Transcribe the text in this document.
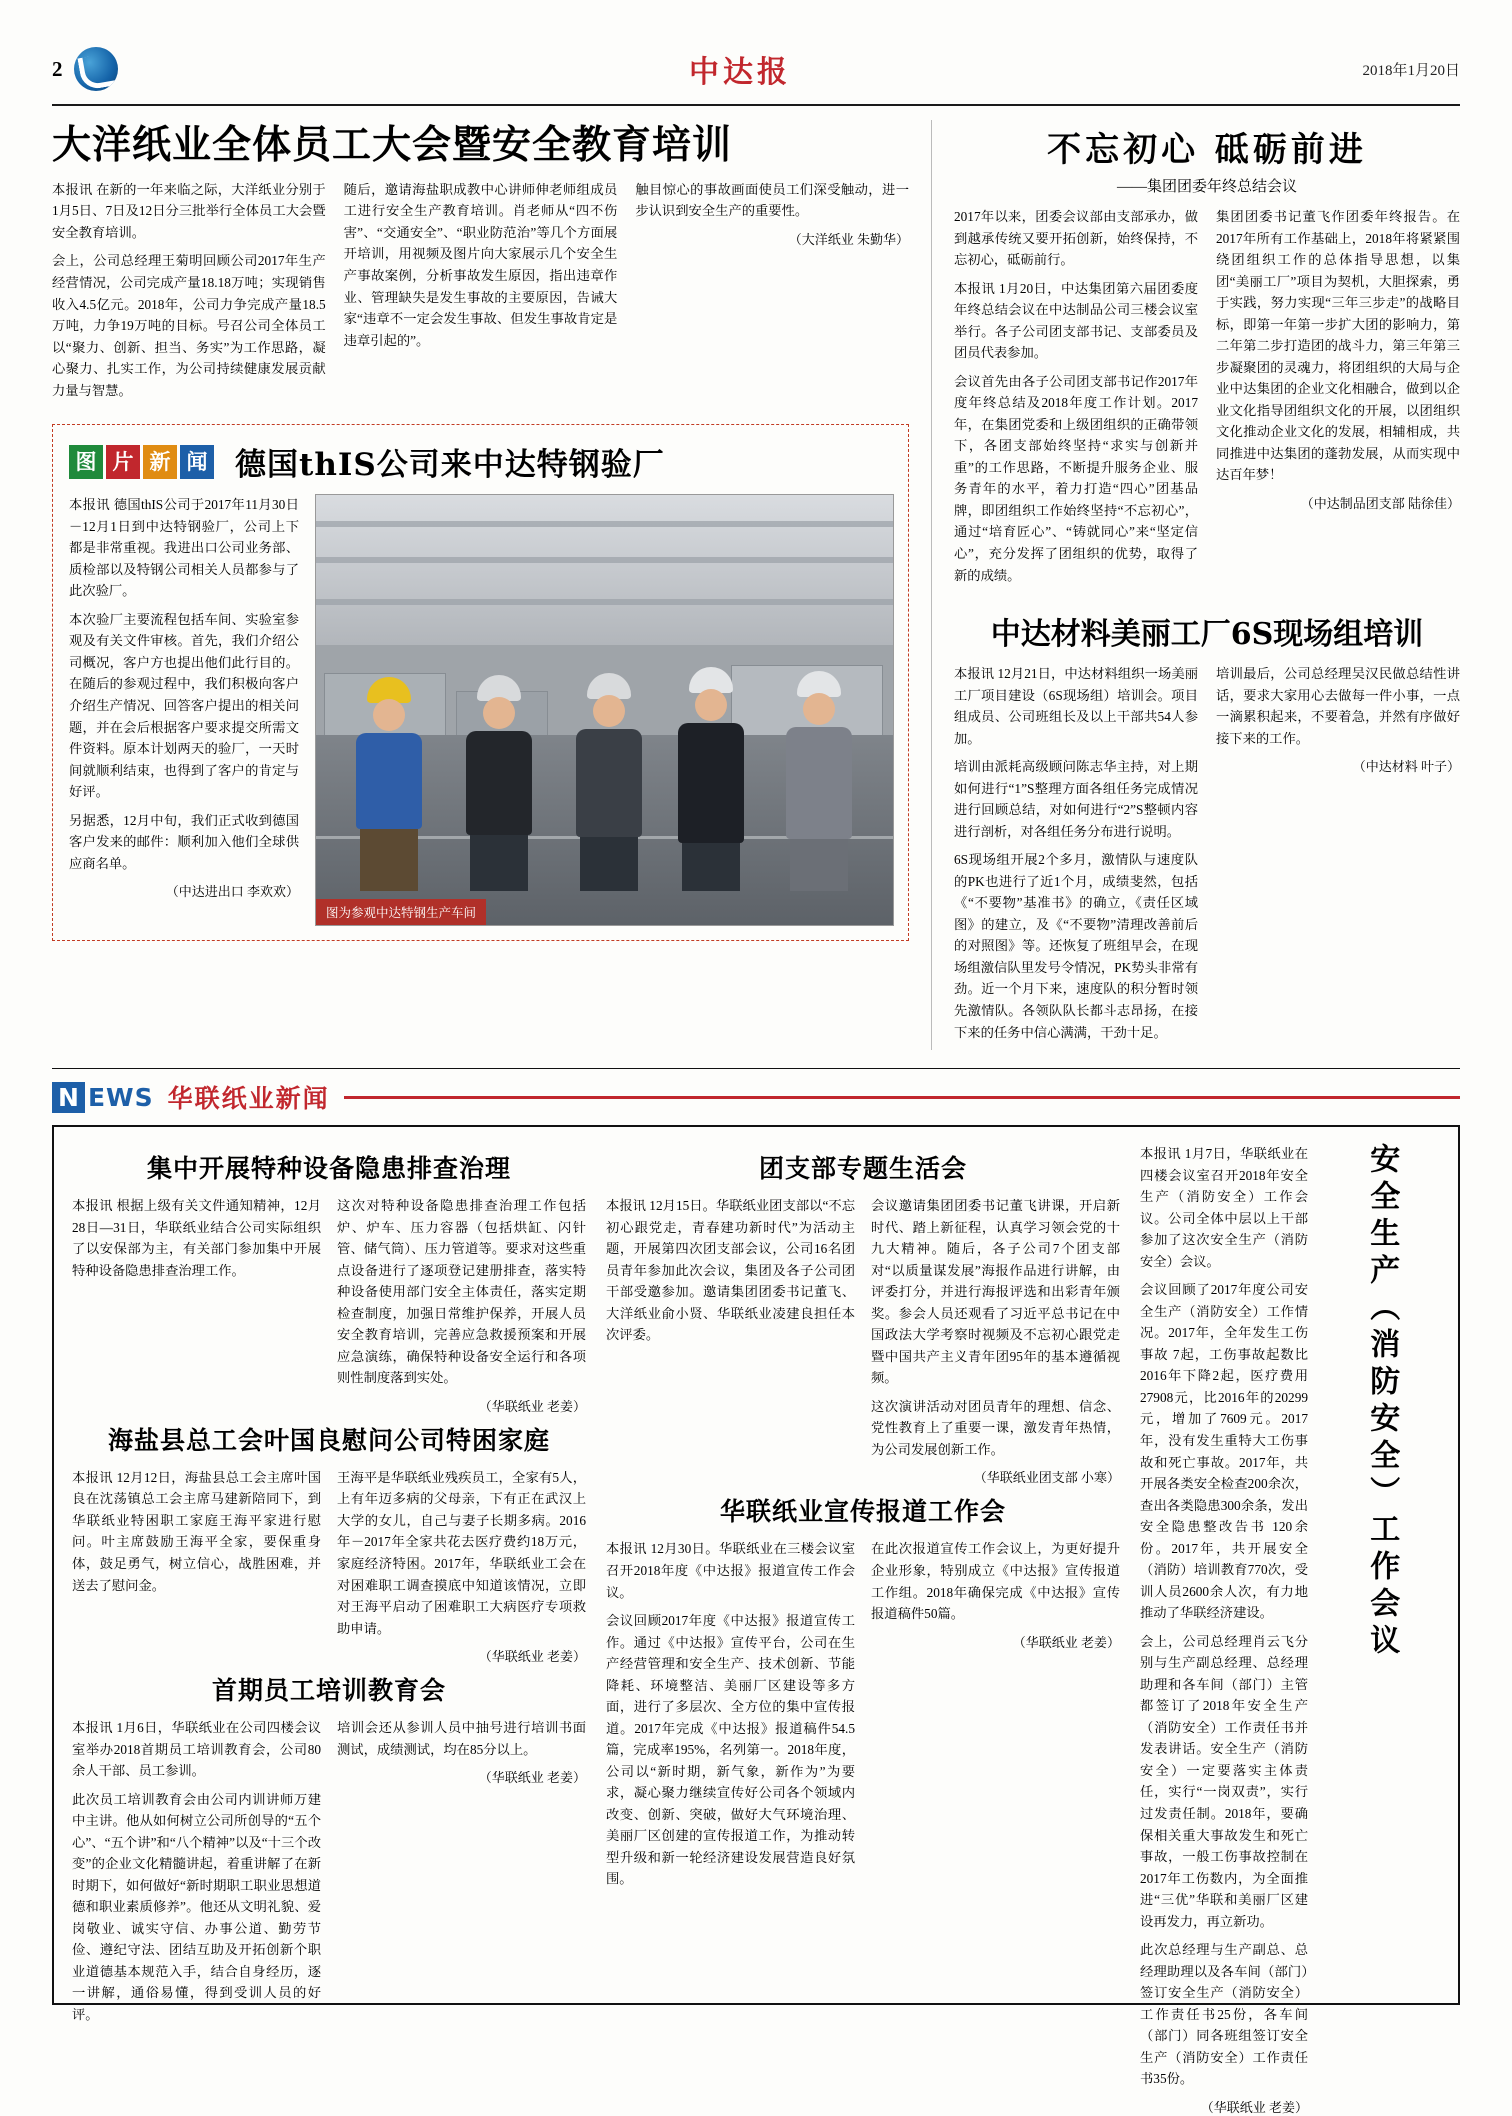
2	中达报	2018年1月20日
大洋纸业全体员工大会暨安全教育培训

本报讯 在新的一年来临之际，大洋纸业分别于1月5日、7日及12日分三批举行全体员工大会暨安全教育培训。

会上，公司总经理王菊明回顾公司2017年生产经营情况，公司完成产量18.18万吨；实现销售收入4.5亿元。2018年，公司力争完成产量18.5万吨，力争19万吨的目标。号召公司全体员工以“聚力、创新、担当、务实”为工作思路，凝心聚力、扎实工作，为公司持续健康发展贡献力量与智慧。

随后，邀请海盐职成教中心讲师伸老师组成员工进行安全生产教育培训。肖老师从“四不伤害”、“交通安全”、“职业防范治”等几个方面展开培训，用视频及图片向大家展示几个安全生产事故案例，分析事故发生原因，指出违章作业、管理缺失是发生事故的主要原因，告诫大家“违章不一定会发生事故、但发生事故肯定是违章引起的”。

触目惊心的事故画面使员工们深受触动，进一步认识到安全生产的重要性。

（大洋纸业 朱勤华）
图 片 新 闻 德国thIS公司来中达特钢验厂

本报讯 德国thIS公司于2017年11月30日－12月1日到中达特钢验厂，公司上下都是非常重视。我进出口公司业务部、质检部以及特钢公司相关人员都参与了此次验厂。

本次验厂主要流程包括车间、实验室参观及有关文件审核。首先，我们介绍公司概况，客户方也提出他们此行目的。在随后的参观过程中，我们积极向客户介绍生产情况、回答客户提出的相关问题，并在会后根据客户要求提交所需文件资料。原本计划两天的验厂，一天时间就顺利结束，也得到了客户的肯定与好评。

另据悉，12月中旬，我们正式收到德国客户发来的邮件：顺利加入他们全球供应商名单。

（中达进出口 李欢欢）
图为参观中达特钢生产车间
不忘初心 砥砺前进
——集团团委年终总结会议

2017年以来，团委会议部由支部承办，做到越承传统又要开拓创新，始终保持，不忘初心，砥砺前行。

本报讯 1月20日，中达集团第六届团委度年终总结会议在中达制品公司三楼会议室举行。各子公司团支部书记、支部委员及团员代表参加。

会议首先由各子公司团支部书记作2017年度年终总结及2018年度工作计划。2017年，在集团党委和上级团组织的正确带领下，各团支部始终坚持“求实与创新并重”的工作思路，不断提升服务企业、服务青年的水平，着力打造“四心”团基品牌，即团组织工作始终坚持“不忘初心”，通过“培育匠心”、“铸就同心”来“坚定信心”，充分发挥了团组织的优势，取得了新的成绩。

集团团委书记董飞作团委年终报告。在2017年所有工作基础上，2018年将紧紧围绕团组织工作的总体指导思想，以集团“美丽工厂”项目为契机，大胆探索，勇于实践，努力实现“三年三步走”的战略目标，即第一年第一步扩大团的影响力，第二年第二步打造团的战斗力，第三年第三步凝聚团的灵魂力，将团组织的大局与企业中达集团的企业文化相融合，做到以企业文化指导团组织文化的开展，以团组织文化推动企业文化的发展，相辅相成，共同推进中达集团的蓬勃发展，从而实现中达百年梦！

（中达制品团支部 陆徐佳）
中达材料美丽工厂6S现场组培训

本报讯 12月21日，中达材料组织一场美丽工厂项目建设（6S现场组）培训会。项目组成员、公司班组长及以上干部共54人参加。

培训由派耗高级顾问陈志华主持，对上期如何进行“1”S整理方面各组任务完成情况进行回顾总结，对如何进行“2”S整顿内容进行剖析，对各组任务分布进行说明。

6S现场组开展2个多月，激情队与速度队的PK也进行了近1个月，成绩斐然，包括《“不要物”基准书》的确立，《责任区域图》的建立，及《“不要物”清理改善前后的对照图》等。还恢复了班组早会，在现场组激信队里发号令情况，PK势头非常有劲。近一个月下来，速度队的积分暂时领先激情队。各领队队长都斗志昂扬，在接下来的任务中信心满满，干劲十足。

培训最后，公司总经理吴汉民做总结性讲话，要求大家用心去做每一件小事，一点一滴累积起来，不要着急，并然有序做好接下来的工作。

（中达材料 叶子）
N EWS 华联纸业新闻
集中开展特种设备隐患排查治理

本报讯 根据上级有关文件通知精神，12月28日—31日，华联纸业结合公司实际组织了以安保部为主，有关部门参加集中开展特种设备隐患排查治理工作。

这次对特种设备隐患排查治理工作包括炉、炉车、压力容器（包括烘缸、闪针管、储气筒）、压力管道等。要求对这些重点设备进行了逐项登记建册排查，落实特种设备使用部门安全主体责任，落实定期检查制度，加强日常维护保养，开展人员安全教育培训，完善应急救援预案和开展应急演练，确保特种设备安全运行和各项则性制度落到实处。

（华联纸业 老姜）
海盐县总工会叶国良慰问公司特困家庭

本报讯 12月12日，海盐县总工会主席叶国良在沈荡镇总工会主席马建新陪同下，到华联纸业特困职工家庭王海平家进行慰问。叶主席鼓励王海平全家，要保重身体，鼓足勇气，树立信心，战胜困难，并送去了慰问金。

王海平是华联纸业残疾员工，全家有5人，上有年迈多病的父母亲，下有正在武汉上大学的女儿，自己与妻子长期多病。2016年－2017年全家共花去医疗费约18万元，家庭经济特困。2017年，华联纸业工会在对困难职工调查摸底中知道该情况，立即对王海平启动了困难职工大病医疗专项救助申请。

（华联纸业 老姜）
首期员工培训教育会

本报讯 1月6日，华联纸业在公司四楼会议室举办2018首期员工培训教育会，公司80余人干部、员工参训。

此次员工培训教育会由公司内训讲师万建中主讲。他从如何树立公司所创导的“五个心”、“五个讲”和“八个精神”以及“十三个改变”的企业文化精髓讲起，着重讲解了在新时期下，如何做好“新时期职工职业思想道德和职业素质修养”。他还从文明礼貌、爱岗敬业、诚实守信、办事公道、勤劳节俭、遵纪守法、团结互助及开拓创新个职业道德基本规范入手，结合自身经历，逐一讲解，通俗易懂，得到受训人员的好评。

培训会还从参训人员中抽号进行培训书面测试，成绩测试，均在85分以上。

（华联纸业 老姜）
团支部专题生活会

本报讯 12月15日。华联纸业团支部以“不忘初心跟党走，青春建功新时代”为活动主题，开展第四次团支部会议，公司16名团员青年参加此次会议，集团及各子公司团干部受邀参加。邀请集团团委书记董飞、大洋纸业俞小贤、华联纸业凌建良担任本次评委。

会议邀请集团团委书记董飞讲课，开启新时代、踏上新征程，认真学习领会党的十九大精神。随后，各子公司7个团支部对“以质量谋发展”海报作品进行讲解，由评委打分，并进行海报评选和出彩青年颁奖。参会人员还观看了习近平总书记在中国政法大学考察时视频及不忘初心跟党走暨中国共产主义青年团95年的基本遵循视频。

这次演讲活动对团员青年的理想、信念、党性教育上了重要一课，激发青年热情，为公司发展创新工作。

（华联纸业团支部 小寒）
华联纸业宣传报道工作会

本报讯 12月30日。华联纸业在三楼会议室召开2018年度《中达报》报道宣传工作会议。

会议回顾2017年度《中达报》报道宣传工作。通过《中达报》宣传平台，公司在生产经营管理和安全生产、技术创新、节能降耗、环境整洁、美丽厂区建设等多方面，进行了多层次、全方位的集中宣传报道。2017年完成《中达报》报道稿件54.5篇，完成率195%，名列第一。2018年度，公司以“新时期，新气象，新作为”为要求，凝心聚力继续宣传好公司各个领域内改变、创新、突破，做好大气环境治理、美丽厂区创建的宣传报道工作，为推动转型升级和新一轮经济建设发展营造良好氛围。

在此次报道宣传工作会议上，为更好提升企业形象，特别成立《中达报》宣传报道工作组。2018年确保完成《中达报》宣传报道稿件50篇。

（华联纸业 老姜）

本报讯 1月7日，华联纸业在四楼会议室召开2018年安全生产（消防安全）工作会议。公司全体中层以上干部参加了这次安全生产（消防安全）会议。

会议回顾了2017年度公司安全生产（消防安全）工作情况。2017年，全年发生工伤事故 7起，工伤事故起数比2016年下降2起，医疗费用27908元，比2016年的20299元，增加了7609元。2017年，没有发生重特大工伤事故和死亡事故。2017年，共开展各类安全检查200余次，查出各类隐患300余条，发出安全隐患整改告书 120余份。2017年，共开展安全（消防）培训教育770次，受训人员2600余人次，有力地推动了华联经济建设。

会上，公司总经理肖云飞分别与生产副总经理、总经理助理和各车间（部门）主管都签订了2018年安全生产（消防安全）工作责任书并发表讲话。安全生产（消防安全）一定要落实主体责任，实行“一岗双责”，实行过发责任制。2018年，要确保相关重大事故发生和死亡事故，一般工伤事故控制在2017年工伤数内，为全面推进“三优”华联和美丽厂区建设再发力，再立新功。

此次总经理与生产副总、总经理助理以及各车间（部门）签订安全生产（消防安全）工作责任书25份，各车间（部门）同各班组签订安全生产（消防安全）工作责任书35份。

（华联纸业 老姜）
安全生产（消防安全）工作会议
